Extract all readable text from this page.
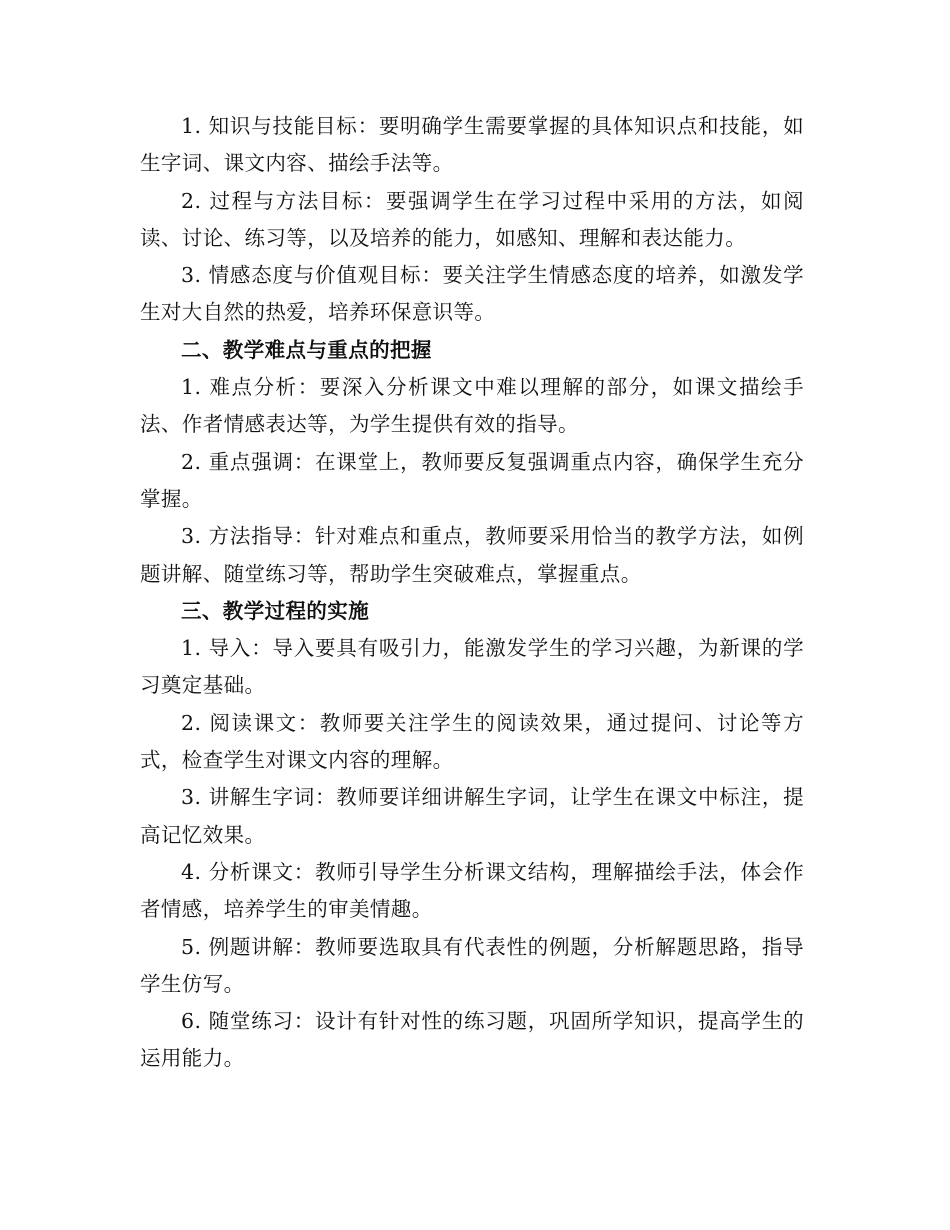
1. 知识与技能目标：要明确学生需要掌握的具体知识点和技能，如生字词、课文内容、描绘手法等。

2. 过程与方法目标：要强调学生在学习过程中采用的方法，如阅读、讨论、练习等，以及培养的能力，如感知、理解和表达能力。

3. 情感态度与价值观目标：要关注学生情感态度的培养，如激发学生对大自然的热爱，培养环保意识等。

二、教学难点与重点的把握

1. 难点分析：要深入分析课文中难以理解的部分，如课文描绘手法、作者情感表达等，为学生提供有效的指导。

2. 重点强调：在课堂上，教师要反复强调重点内容，确保学生充分掌握。

3. 方法指导：针对难点和重点，教师要采用恰当的教学方法，如例题讲解、随堂练习等，帮助学生突破难点，掌握重点。

三、教学过程的实施

1. 导入：导入要具有吸引力，能激发学生的学习兴趣，为新课的学习奠定基础。

2. 阅读课文：教师要关注学生的阅读效果，通过提问、讨论等方式，检查学生对课文内容的理解。

3. 讲解生字词：教师要详细讲解生字词，让学生在课文中标注，提高记忆效果。

4. 分析课文：教师引导学生分析课文结构，理解描绘手法，体会作者情感，培养学生的审美情趣。

5. 例题讲解：教师要选取具有代表性的例题，分析解题思路，指导学生仿写。

6. 随堂练习：设计有针对性的练习题，巩固所学知识，提高学生的运用能力。
